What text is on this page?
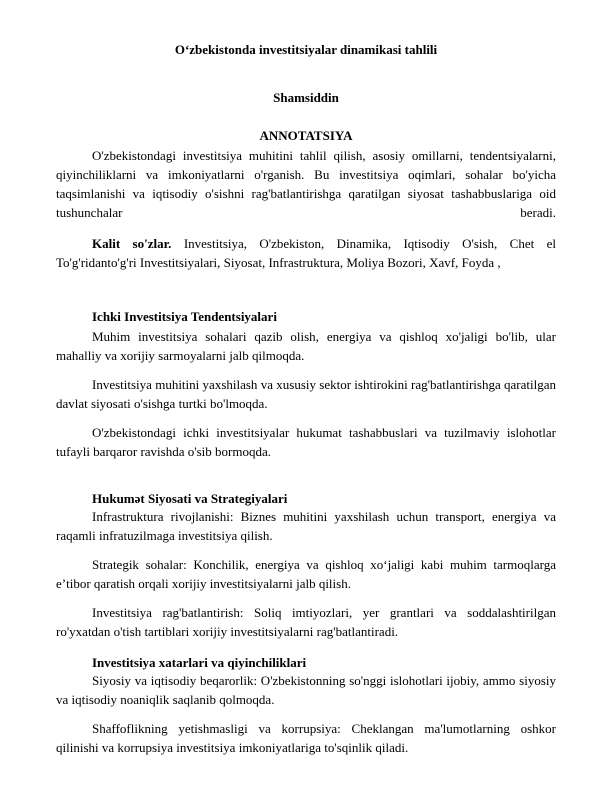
O‘zbekistonda investitsiyalar dinamikasi tahlili
Shamsiddin
ANNOTATSIYA

O'zbekistondagi investitsiya muhitini tahlil qilish, asosiy omillarni, tendentsiyalarni, qiyinchiliklarni va imkoniyatlarni o'rganish. Bu investitsiya oqimlari, sohalar bo'yicha taqsimlanishi va iqtisodiy o'sishni rag'batlantirishga qaratilgan siyosat tashabbuslariga oid tushunchalar beradi.

Kalit so'zlar. Investitsiya, O'zbekiston, Dinamika, Iqtisodiy O'sish, Chet el To'g'ridanto'g'ri Investitsiyalari, Siyosat, Infrastruktura, Moliya Bozori, Xavf, Foyda ,

Ichki Investitsiya Tendentsiyalari

Muhim investitsiya sohalari qazib olish, energiya va qishloq xo'jaligi bo'lib, ular mahalliy va xorijiy sarmoyalarni jalb qilmoqda.

Investitsiya muhitini yaxshilash va xususiy sektor ishtirokini rag'batlantirishga qaratilgan davlat siyosati o'sishga turtki bo'lmoqda.

O'zbekistondagi ichki investitsiyalar hukumat tashabbuslari va tuzilmaviy islohotlar tufayli barqaror ravishda o'sib bormoqda.

Hukumət Siyosati va Strategiyalari

Infrastruktura rivojlanishi: Biznes muhitini yaxshilash uchun transport, energiya va raqamli infratuzilmaga investitsiya qilish.

Strategik sohalar: Konchilik, energiya va qishloq xo‘jaligi kabi muhim tarmoqlarga eʼtibor qaratish orqali xorijiy investitsiyalarni jalb qilish.

Investitsiya rag'batlantirish: Soliq imtiyozlari, yer grantlari va soddalashtirilgan ro'yxatdan o'tish tartiblari xorijiy investitsiyalarni rag'batlantiradi.

Investitsiya xatarlari va qiyinchiliklari

Siyosiy va iqtisodiy beqarorlik: O'zbekistonning so'nggi islohotlari ijobiy, ammo siyosiy va iqtisodiy noaniqlik saqlanib qolmoqda.

Shaffoflikning yetishmasligi va korrupsiya: Cheklangan ma'lumotlarning oshkor qilinishi va korrupsiya investitsiya imkoniyatlariga to'sqinlik qiladi.
